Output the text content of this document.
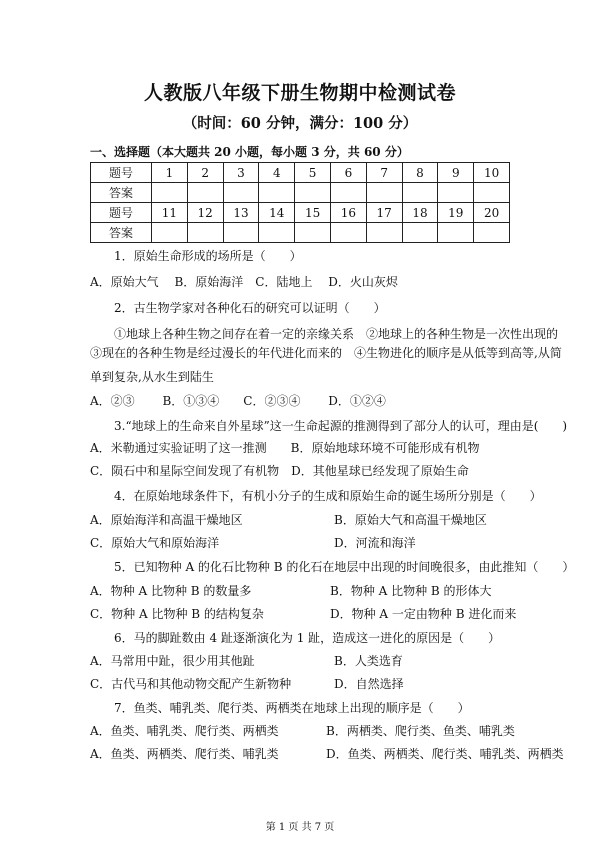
人教版八年级下册生物期中检测试卷
（时间：60 分钟，满分：100 分）
一、选择题（本大题共 20 小题，每小题 3 分，共 60 分）
题号	1	2	3	4	5	6	7	8	9	10
答案										
题号	11	12	13	14	15	16	17	18	19	20
答案										
1．原始生命形成的场所是（　　）
A．原始大气　 B．原始海洋　C．陆地上　 D．火山灰烬
2．古生物学家对各种化石的研究可以证明（　　）
①地球上各种生物之间存在着一定的亲缘关系　②地球上的各种生物是一次性出现的
③现在的各种生物是经过漫长的年代进化而来的　④生物进化的顺序是从低等到高等,从简
单到复杂,从水生到陆生
A．②③　　 B．①③④　　C．②③④　　 D．①②④
3.“地球上的生命来自外星球”这一生命起源的推测得到了部分人的认可，理由是(　　)
A．米勒通过实验证明了这一推测　　B．原始地球环境不可能形成有机物
C．陨石中和星际空间发现了有机物　D．其他星球已经发现了原始生命
4．在原始地球条件下，有机小分子的生成和原始生命的诞生场所分别是（　　）
A．原始海洋和高温干燥地区	B．原始大气和高温干燥地区
C．原始大气和原始海洋	D．河流和海洋
5．已知物种 A 的化石比物种 B 的化石在地层中出现的时间晚很多，由此推知（　　）
A．物种 A 比物种 B 的数量多	B．物种 A 比物种 B 的形体大
C．物种 A 比物种 B 的结构复杂	D．物种 A 一定由物种 B 进化而来
6．马的脚趾数由 4 趾逐渐演化为 1 趾，造成这一进化的原因是（　　）
A．马常用中趾，很少用其他趾	B．人类选育
C．古代马和其他动物交配产生新物种	D．自然选择
7．鱼类、哺乳类、爬行类、两栖类在地球上出现的顺序是（　　）
A．鱼类、哺乳类、爬行类、两栖类	B．两栖类、爬行类、鱼类、哺乳类
A．鱼类、两栖类、爬行类、哺乳类	D．鱼类、两栖类、爬行类、哺乳类、两栖类
第 1 页 共 7 页
